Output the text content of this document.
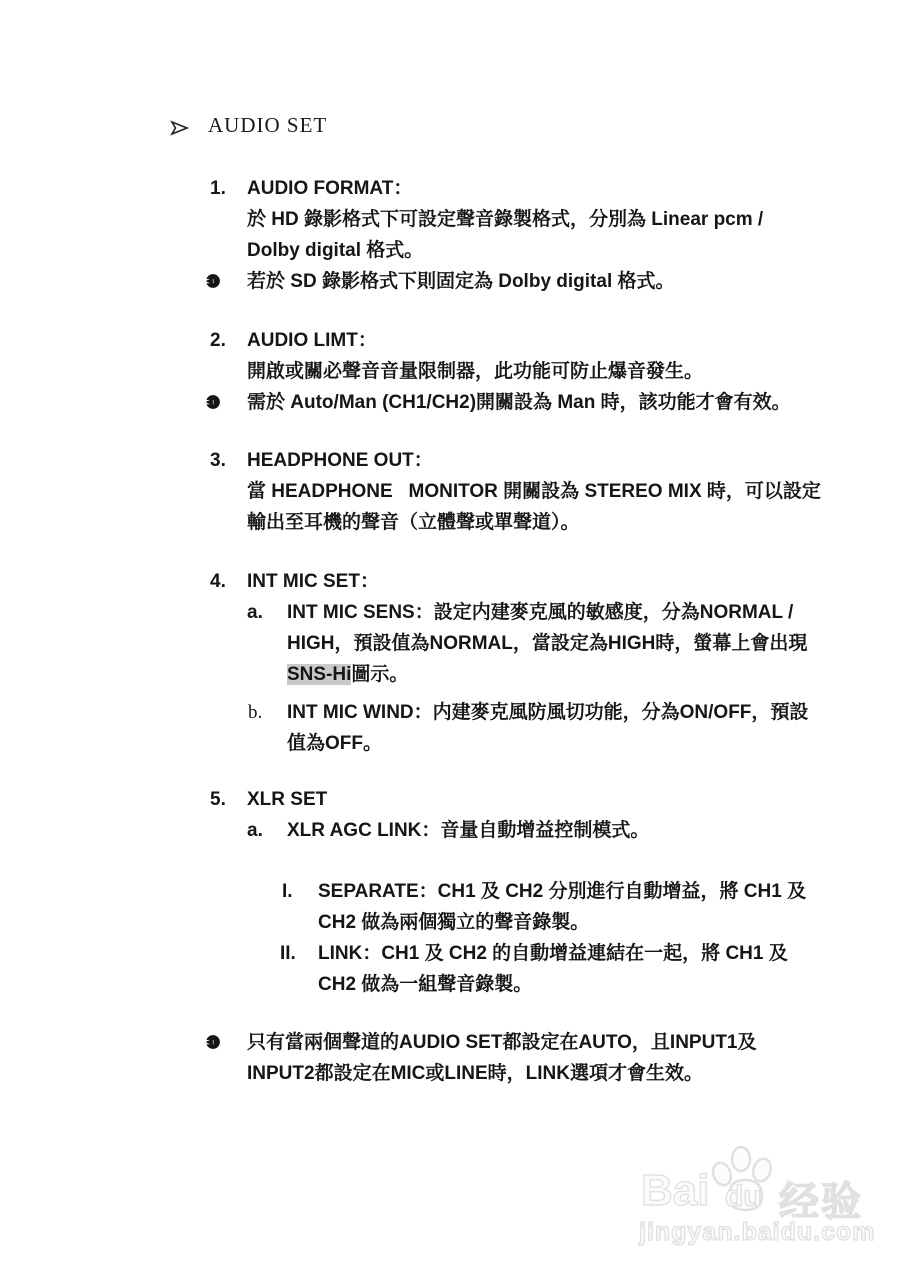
AUDIO SET
1. AUDIO FORMAT：
於 HD 錄影格式下可設定聲音錄製格式，分別為 Linear pcm /
Dolby digital 格式。
若於 SD 錄影格式下則固定為 Dolby digital 格式。
2. AUDIO LIMT：
開啟或關必聲音音量限制器，此功能可防止爆音發生。
需於 Auto/Man (CH1/CH2)開關設為 Man 時，該功能才會有效。
3. HEADPHONE OUT：
當 HEADPHONE   MONITOR 開關設為 STEREO MIX 時，可以設定
輸出至耳機的聲音（立體聲或單聲道）。
4. INT MIC SET：
a. INT MIC SENS：設定内建麥克風的敏感度，分為NORMAL /
HIGH，預設值為NORMAL，當設定為HIGH時，螢幕上會出現
SNS-Hi圖示。
b. INT MIC WIND：内建麥克風防風切功能，分為ON/OFF，預設
值為OFF。
5. XLR SET
a. XLR AGC LINK：音量自動增益控制模式。
I. SEPARATE：CH1 及 CH2 分別進行自動增益，將 CH1 及
CH2 做為兩個獨立的聲音錄製。
II. LINK：CH1 及 CH2 的自動增益連結在一起，將 CH1 及
CH2 做為一組聲音錄製。
只有當兩個聲道的AUDIO SET都設定在AUTO，且INPUT1及
INPUT2都設定在MIC或LINE時，LINK選項才會生效。
Bai du 经验
jingyan.baidu.com
